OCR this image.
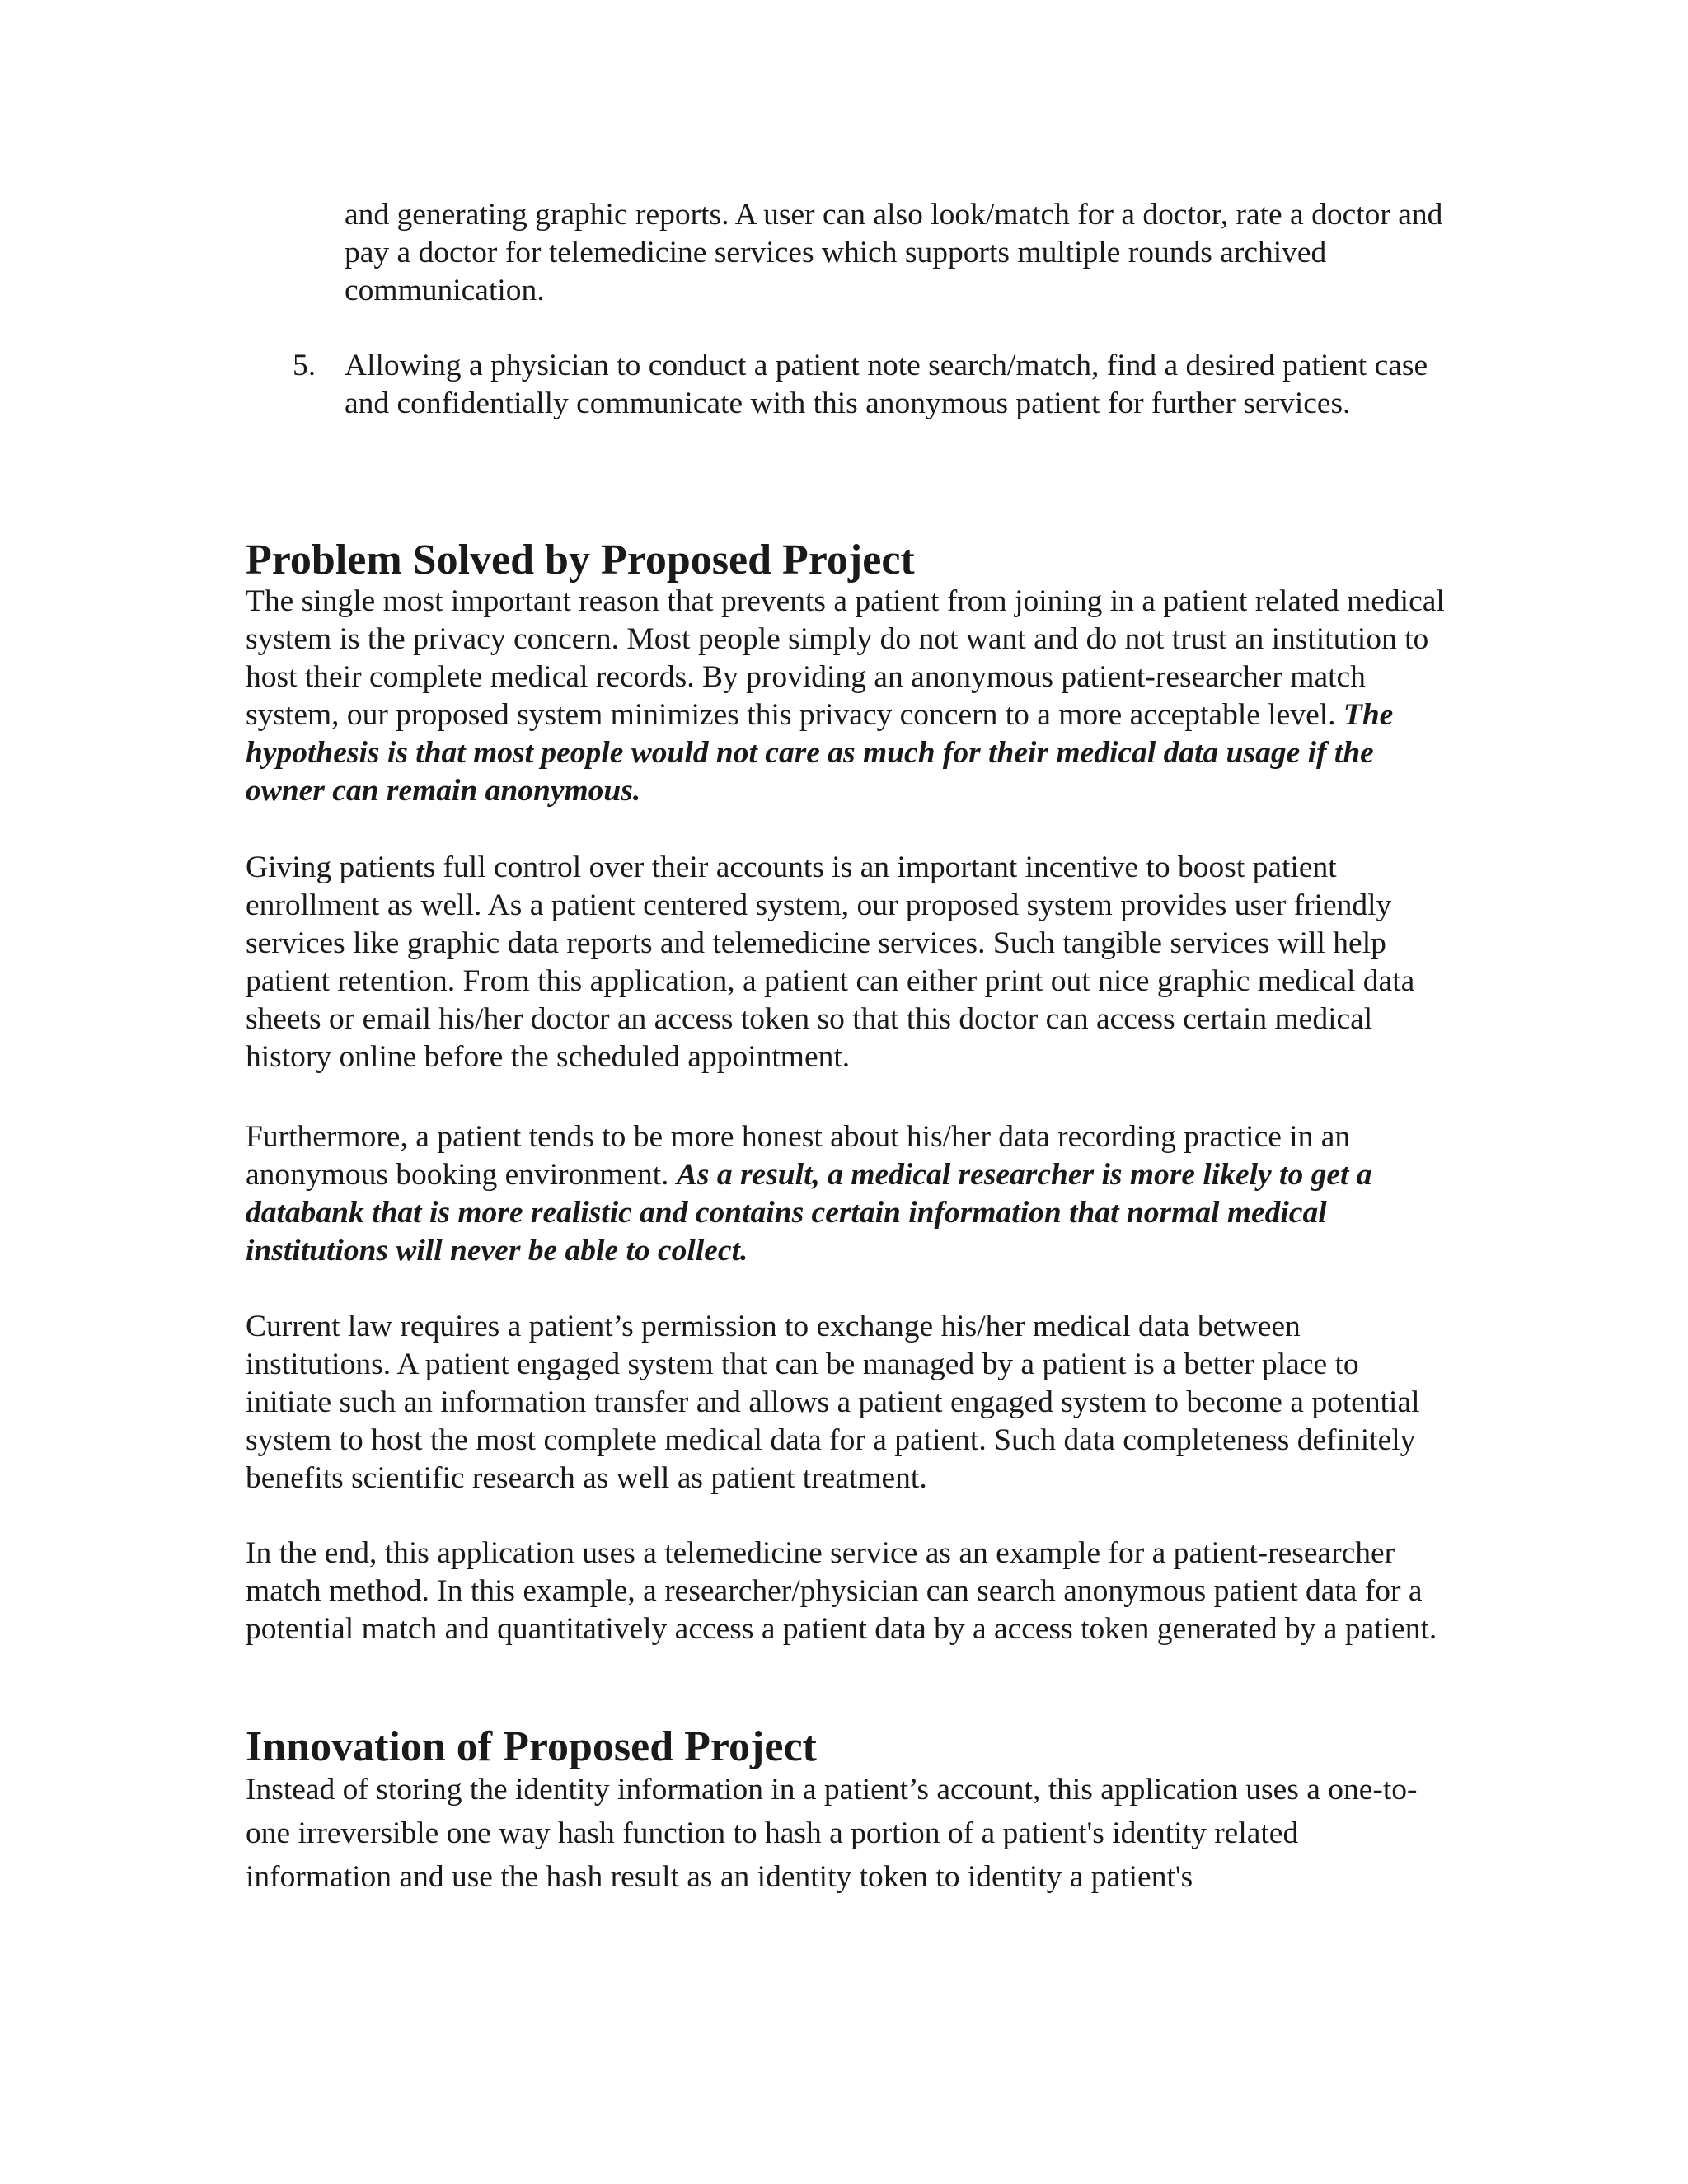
and generating graphic reports. A user can also look/match for a doctor, rate a doctor and pay a doctor for telemedicine services which supports multiple rounds archived communication.

5. Allowing a physician to conduct a patient note search/match, find a desired patient case and confidentially communicate with this anonymous patient for further services.

Problem Solved by Proposed Project

The single most important reason that prevents a patient from joining in a patient related medical system is the privacy concern. Most people simply do not want and do not trust an institution to host their complete medical records. By providing an anonymous patient-researcher match system, our proposed system minimizes this privacy concern to a more acceptable level. The hypothesis is that most people would not care as much for their medical data usage if the owner can remain anonymous.

Giving patients full control over their accounts is an important incentive to boost patient enrollment as well. As a patient centered system, our proposed system provides user friendly services like graphic data reports and telemedicine services. Such tangible services will help patient retention. From this application, a patient can either print out nice graphic medical data sheets or email his/her doctor an access token so that this doctor can access certain medical history online before the scheduled appointment.

Furthermore, a patient tends to be more honest about his/her data recording practice in an anonymous booking environment. As a result, a medical researcher is more likely to get a databank that is more realistic and contains certain information that normal medical institutions will never be able to collect.

Current law requires a patient’s permission to exchange his/her medical data between institutions. A patient engaged system that can be managed by a patient is a better place to initiate such an information transfer and allows a patient engaged system to become a potential system to host the most complete medical data for a patient. Such data completeness definitely benefits scientific research as well as patient treatment.

In the end, this application uses a telemedicine service as an example for a patient-researcher match method. In this example, a researcher/physician can search anonymous patient data for a potential match and quantitatively access a patient data by a access token generated by a patient.

Innovation of Proposed Project

Instead of storing the identity information in a patient’s account, this application uses a one-to-one irreversible one way hash function to hash a portion of a patient's identity related information and use the hash result as an identity token to identity a patient's
